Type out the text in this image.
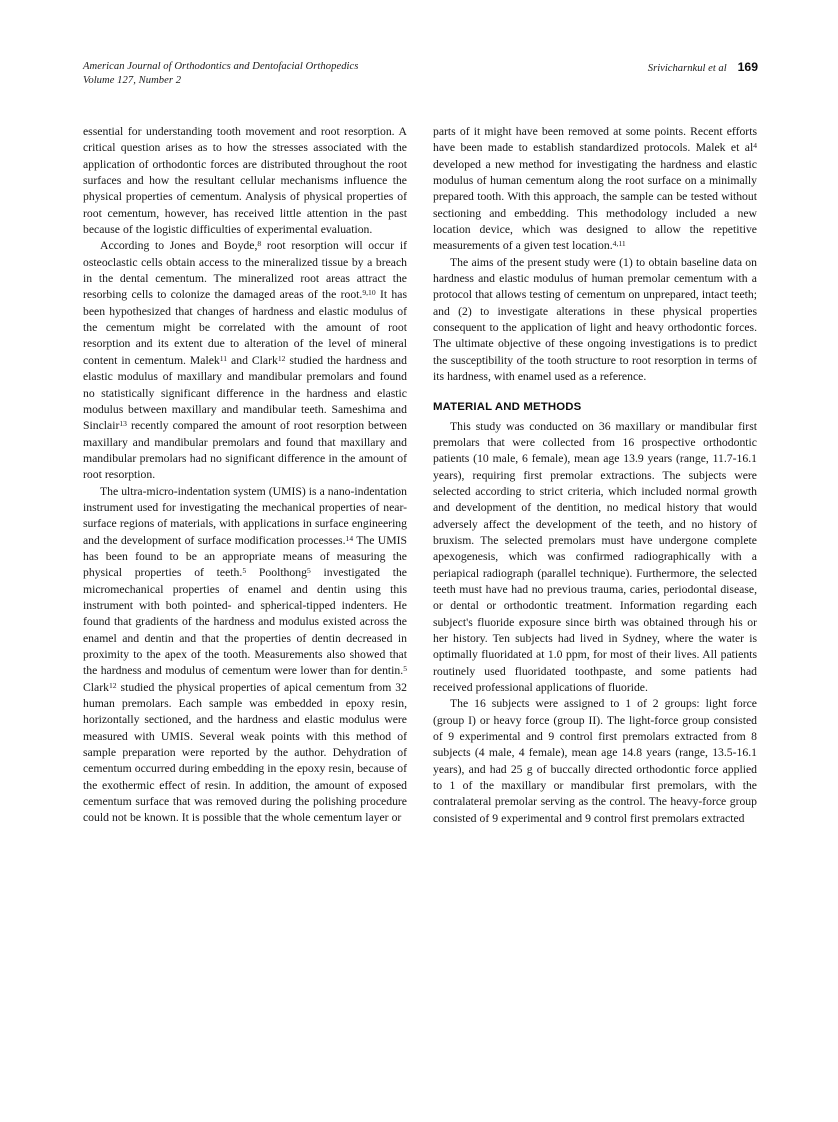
American Journal of Orthodontics and Dentofacial Orthopedics
Volume 127, Number 2
Srivicharnkul et al 169

essential for understanding tooth movement and root resorption. A critical question arises as to how the stresses associated with the application of orthodontic forces are distributed throughout the root surfaces and how the resultant cellular mechanisms influence the physical properties of cementum. Analysis of physical properties of root cementum, however, has received little attention in the past because of the logistic difficulties of experimental evaluation.

According to Jones and Boyde,$^8$ root resorption will occur if osteoclastic cells obtain access to the mineralized tissue by a breach in the dental cementum. The mineralized root areas attract the resorbing cells to colonize the damaged areas of the root.$^{9,10}$ It has been hypothesized that changes of hardness and elastic modulus of the cementum might be correlated with the amount of root resorption and its extent due to alteration of the level of mineral content in cementum. Malek$^{11}$ and Clark$^{12}$ studied the hardness and elastic modulus of maxillary and mandibular premolars and found no statistically significant difference in the hardness and elastic modulus between maxillary and mandibular teeth. Sameshima and Sinclair$^{13}$ recently compared the amount of root resorption between maxillary and mandibular premolars and found that maxillary and mandibular premolars had no significant difference in the amount of root resorption.

The ultra-micro-indentation system (UMIS) is a nano-indentation instrument used for investigating the mechanical properties of near-surface regions of materials, with applications in surface engineering and the development of surface modification processes.$^{14}$ The UMIS has been found to be an appropriate means of measuring the physical properties of teeth.$^5$ Poolthong$^5$ investigated the micromechanical properties of enamel and dentin using this instrument with both pointed- and spherical-tipped indenters. He found that gradients of the hardness and modulus existed across the enamel and dentin and that the properties of dentin decreased in proximity to the apex of the tooth. Measurements also showed that the hardness and modulus of cementum were lower than for dentin.$^5$ Clark$^{12}$ studied the physical properties of apical cementum from 32 human premolars. Each sample was embedded in epoxy resin, horizontally sectioned, and the hardness and elastic modulus were measured with UMIS. Several weak points with this method of sample preparation were reported by the author. Dehydration of cementum occurred during embedding in the epoxy resin, because of the exothermic effect of resin. In addition, the amount of exposed cementum surface that was removed during the polishing procedure could not be known. It is possible that the whole cementum layer or

parts of it might have been removed at some points. Recent efforts have been made to establish standardized protocols. Malek et $al^4$ developed a new method for investigating the hardness and elastic modulus of human cementum along the root surface on a minimally prepared tooth. With this approach, the sample can be tested without sectioning and embedding. This methodology included a new location device, which was designed to allow the repetitive measurements of a given test location.$^{4,11}$

The aims of the present study were (1) to obtain baseline data on hardness and elastic modulus of human premolar cementum with a protocol that allows testing of cementum on unprepared, intact teeth; and (2) to investigate alterations in these physical properties consequent to the application of light and heavy orthodontic forces. The ultimate objective of these ongoing investigations is to predict the susceptibility of the tooth structure to root resorption in terms of its hardness, with enamel used as a reference.

MATERIAL AND METHODS

This study was conducted on 36 maxillary or mandibular first premolars that were collected from 16 prospective orthodontic patients (10 male, 6 female), mean age 13.9 years (range, 11.7-16.1 years), requiring first premolar extractions. The subjects were selected according to strict criteria, which included normal growth and development of the dentition, no medical history that would adversely affect the development of the teeth, and no history of bruxism. The selected premolars must have undergone complete apexogenesis, which was confirmed radiographically with a periapical radiograph (parallel technique). Furthermore, the selected teeth must have had no previous trauma, caries, periodontal disease, or dental or orthodontic treatment. Information regarding each subject's fluoride exposure since birth was obtained through his or her history. Ten subjects had lived in Sydney, where the water is optimally fluoridated at 1.0 ppm, for most of their lives. All patients routinely used fluoridated toothpaste, and some patients had received professional applications of fluoride.

The 16 subjects were assigned to 1 of 2 groups: light force (group I) or heavy force (group II). The light-force group consisted of 9 experimental and 9 control first premolars extracted from 8 subjects (4 male, 4 female), mean age 14.8 years (range, 13.5-16.1 years), and had 25 g of buccally directed orthodontic force applied to 1 of the maxillary or mandibular first premolars, with the contralateral premolar serving as the control. The heavy-force group consisted of 9 experimental and 9 control first premolars extracted
